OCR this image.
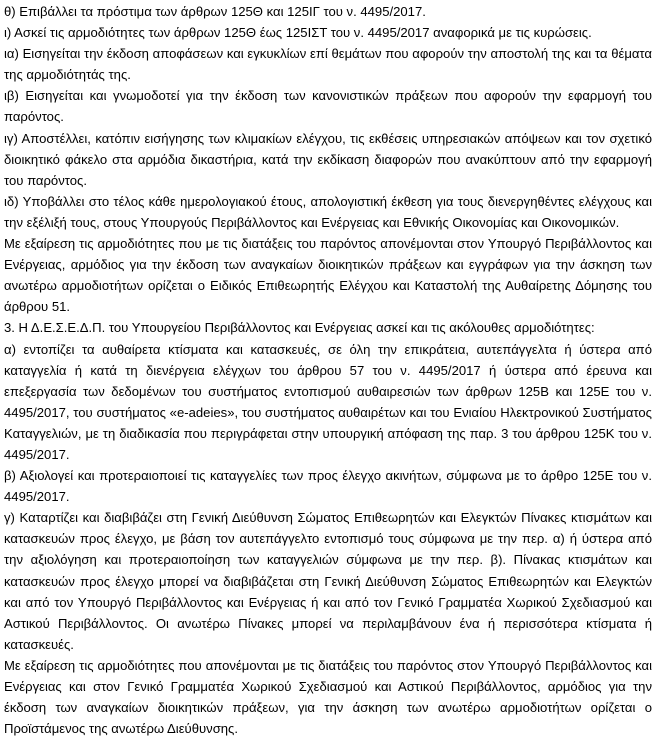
θ) Επιβάλλει τα πρόστιμα των άρθρων 125Θ και 125ΙΓ του ν. 4495/2017.

ι) Ασκεί τις αρμοδιότητες των άρθρων 125Θ έως 125ΙΣΤ του ν. 4495/2017 αναφορικά με τις κυρώσεις.

ια) Εισηγείται την έκδοση αποφάσεων και εγκυκλίων επί θεμάτων που αφορούν την αποστολή της και τα θέματα της αρμοδιότητάς της.

ιβ) Εισηγείται και γνωμοδοτεί για την έκδοση των κανονιστικών πράξεων που αφορούν την εφαρμογή του παρόντος.

ιγ) Αποστέλλει, κατόπιν εισήγησης των κλιμακίων ελέγχου, τις εκθέσεις υπηρεσιακών απόψεων και τον σχετικό διοικητικό φάκελο στα αρμόδια δικαστήρια, κατά την εκδίκαση διαφορών που ανακύπτουν από την εφαρμογή του παρόντος.

ιδ) Υποβάλλει στο τέλος κάθε ημερολογιακού έτους, απολογιστική έκθεση για τους διενεργηθέντες ελέγχους και την εξέλιξή τους, στους Υπουργούς Περιβάλλοντος και Ενέργειας και Εθνικής Οικονομίας και Οικονομικών.

Με εξαίρεση τις αρμοδιότητες που με τις διατάξεις του παρόντος απονέμονται στον Υπουργό Περιβάλλοντος και Ενέργειας, αρμόδιος για την έκδοση των αναγκαίων διοικητικών πράξεων και εγγράφων για την άσκηση των ανωτέρω αρμοδιοτήτων ορίζεται ο Ειδικός Επιθεωρητής Ελέγχου και Καταστολή της Αυθαίρετης Δόμησης του άρθρου 51.

3. Η Δ.Ε.Σ.Ε.Δ.Π. του Υπουργείου Περιβάλλοντος και Ενέργειας ασκεί και τις ακόλουθες αρμοδιότητες:

α) εντοπίζει τα αυθαίρετα κτίσματα και κατασκευές, σε όλη την επικράτεια, αυτεπάγγελτα ή ύστερα από καταγγελία ή κατά τη διενέργεια ελέγχων του άρθρου 57 του ν. 4495/2017 ή ύστερα από έρευνα και επεξεργασία των δεδομένων του συστήματος εντοπισμού αυθαιρεσιών των άρθρων 125Β και 125Ε του ν. 4495/2017, του συστήματος «e-adeies», του συστήματος αυθαιρέτων και του Ενιαίου Ηλεκτρονικού Συστήματος Καταγγελιών, με τη διαδικασία που περιγράφεται στην υπουργική απόφαση της παρ. 3 του άρθρου 125Κ του ν. 4495/2017.

β) Αξιολογεί και προτεραιοποιεί τις καταγγελίες των προς έλεγχο ακινήτων, σύμφωνα με το άρθρο 125Ε του ν. 4495/2017.

γ) Καταρτίζει και διαβιβάζει στη Γενική Διεύθυνση Σώματος Επιθεωρητών και Ελεγκτών Πίνακες κτισμάτων και κατασκευών προς έλεγχο, με βάση τον αυτεπάγγελτο εντοπισμό τους σύμφωνα με την περ. α) ή ύστερα από την αξιολόγηση και προτεραιοποίηση των καταγγελιών σύμφωνα με την περ. β). Πίνακας κτισμάτων και κατασκευών προς έλεγχο μπορεί να διαβιβάζεται στη Γενική Διεύθυνση Σώματος Επιθεωρητών και Ελεγκτών και από τον Υπουργό Περιβάλλοντος και Ενέργειας ή και από τον Γενικό Γραμματέα Χωρικού Σχεδιασμού και Αστικού Περιβάλλοντος. Οι ανωτέρω Πίνακες μπορεί να περιλαμβάνουν ένα ή περισσότερα κτίσματα ή κατασκευές.

Με εξαίρεση τις αρμοδιότητες που απονέμονται με τις διατάξεις του παρόντος στον Υπουργό Περιβάλλοντος και Ενέργειας και στον Γενικό Γραμματέα Χωρικού Σχεδιασμού και Αστικού Περιβάλλοντος, αρμόδιος για την έκδοση των αναγκαίων διοικητικών πράξεων, για την άσκηση των ανωτέρω αρμοδιοτήτων ορίζεται ο Προϊστάμενος της ανωτέρω Διεύθυνσης.
